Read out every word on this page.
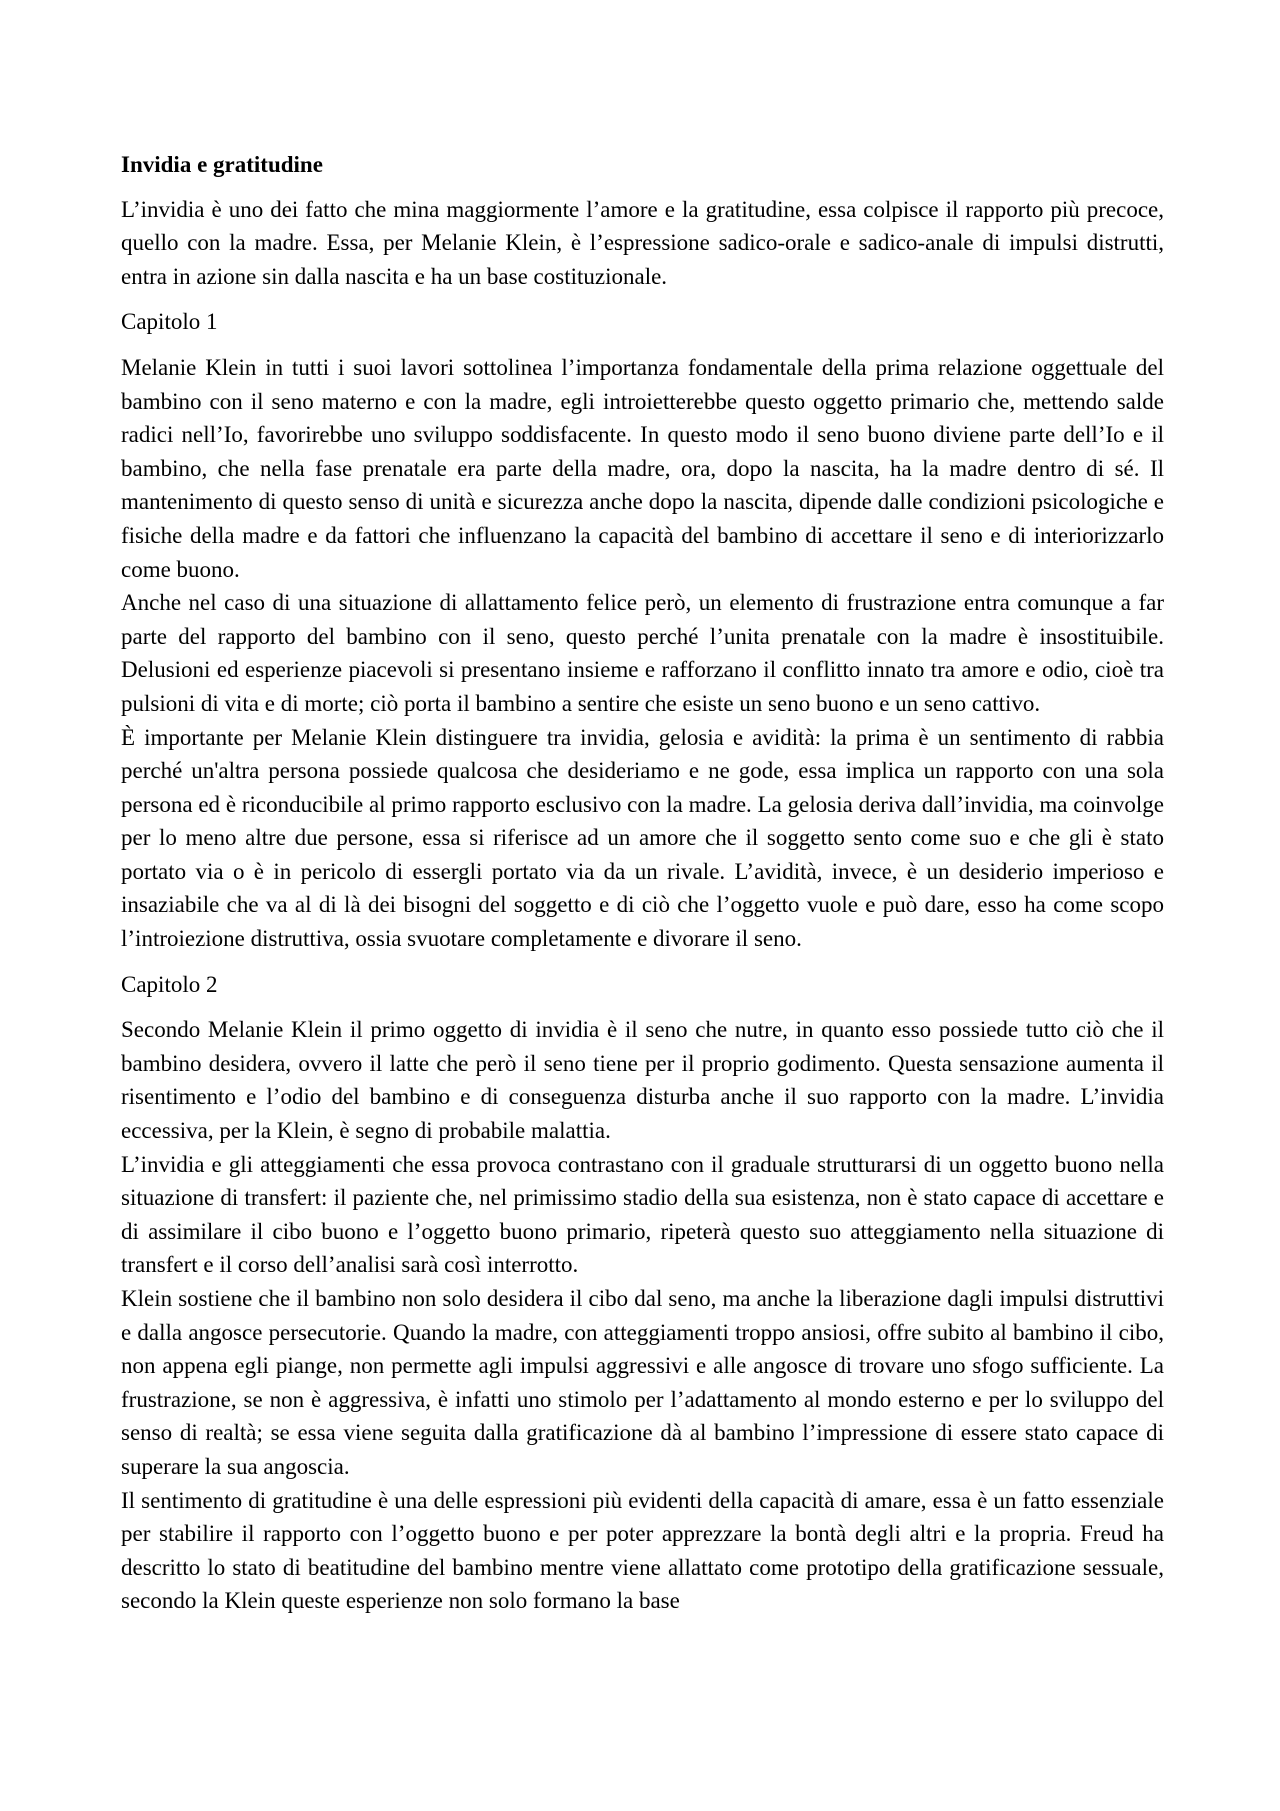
Invidia e gratitudine

L’invidia è uno dei fatto che mina maggiormente l’amore e la gratitudine, essa colpisce il rapporto più precoce, quello con la madre. Essa, per Melanie Klein, è l’espressione sadico-orale e sadico-anale di impulsi distrutti, entra in azione sin dalla nascita e ha un base costituzionale.

Capitolo 1

Melanie Klein in tutti i suoi lavori sottolinea l’importanza fondamentale della prima relazione oggettuale del bambino con il seno materno e con la madre, egli introietterebbe questo oggetto primario che, mettendo salde radici nell’Io, favorirebbe uno sviluppo soddisfacente. In questo modo il seno buono diviene parte dell’Io e il bambino, che nella fase prenatale era parte della madre, ora, dopo la nascita, ha la madre dentro di sé. Il mantenimento di questo senso di unità e sicurezza anche dopo la nascita, dipende dalle condizioni psicologiche e fisiche della madre e da fattori che influenzano la capacità del bambino di accettare il seno e di interiorizzarlo come buono.

Anche nel caso di una situazione di allattamento felice però, un elemento di frustrazione entra comunque a far parte del rapporto del bambino con il seno, questo perché l’unita prenatale con la madre è insostituibile. Delusioni ed esperienze piacevoli si presentano insieme e rafforzano il conflitto innato tra amore e odio, cioè tra pulsioni di vita e di morte; ciò porta il bambino a sentire che esiste un seno buono e un seno cattivo.

È importante per Melanie Klein distinguere tra invidia, gelosia e avidità: la prima è un sentimento di rabbia perché un'altra persona possiede qualcosa che desideriamo e ne gode, essa implica un rapporto con una sola persona ed è riconducibile al primo rapporto esclusivo con la madre. La gelosia deriva dall’invidia, ma coinvolge per lo meno altre due persone, essa si riferisce ad un amore che il soggetto sento come suo e che gli è stato portato via o è in pericolo di essergli portato via da un rivale. L’avidità, invece, è un desiderio imperioso e insaziabile che va al di là dei bisogni del soggetto e di ciò che l’oggetto vuole e può dare, esso ha come scopo l’introiezione distruttiva, ossia svuotare completamente e divorare il seno.

Capitolo 2

Secondo Melanie Klein il primo oggetto di invidia è il seno che nutre, in quanto esso possiede tutto ciò che il bambino desidera, ovvero il latte che però il seno tiene per il proprio godimento. Questa sensazione aumenta il risentimento e l’odio del bambino e di conseguenza disturba anche il suo rapporto con la madre. L’invidia eccessiva, per la Klein, è segno di probabile malattia.

L’invidia e gli atteggiamenti che essa provoca contrastano con il graduale strutturarsi di un oggetto buono nella situazione di transfert: il paziente che, nel primissimo stadio della sua esistenza, non è stato capace di accettare e di assimilare il cibo buono e l’oggetto buono primario, ripeterà questo suo atteggiamento nella situazione di transfert e il corso dell’analisi sarà così interrotto.

Klein sostiene che il bambino non solo desidera il cibo dal seno, ma anche la liberazione dagli impulsi distruttivi e dalla angosce persecutorie. Quando la madre, con atteggiamenti troppo ansiosi, offre subito al bambino il cibo, non appena egli piange, non permette agli impulsi aggressivi e alle angosce di trovare uno sfogo sufficiente. La frustrazione, se non è aggressiva, è infatti uno stimolo per l’adattamento al mondo esterno e per lo sviluppo del senso di realtà; se essa viene seguita dalla gratificazione dà al bambino l’impressione di essere stato capace di superare la sua angoscia.

Il sentimento di gratitudine è una delle espressioni più evidenti della capacità di amare, essa è un fatto essenziale per stabilire il rapporto con l’oggetto buono e per poter apprezzare la bontà degli altri e la propria. Freud ha descritto lo stato di beatitudine del bambino mentre viene allattato come prototipo della gratificazione sessuale, secondo la Klein queste esperienze non solo formano la base
